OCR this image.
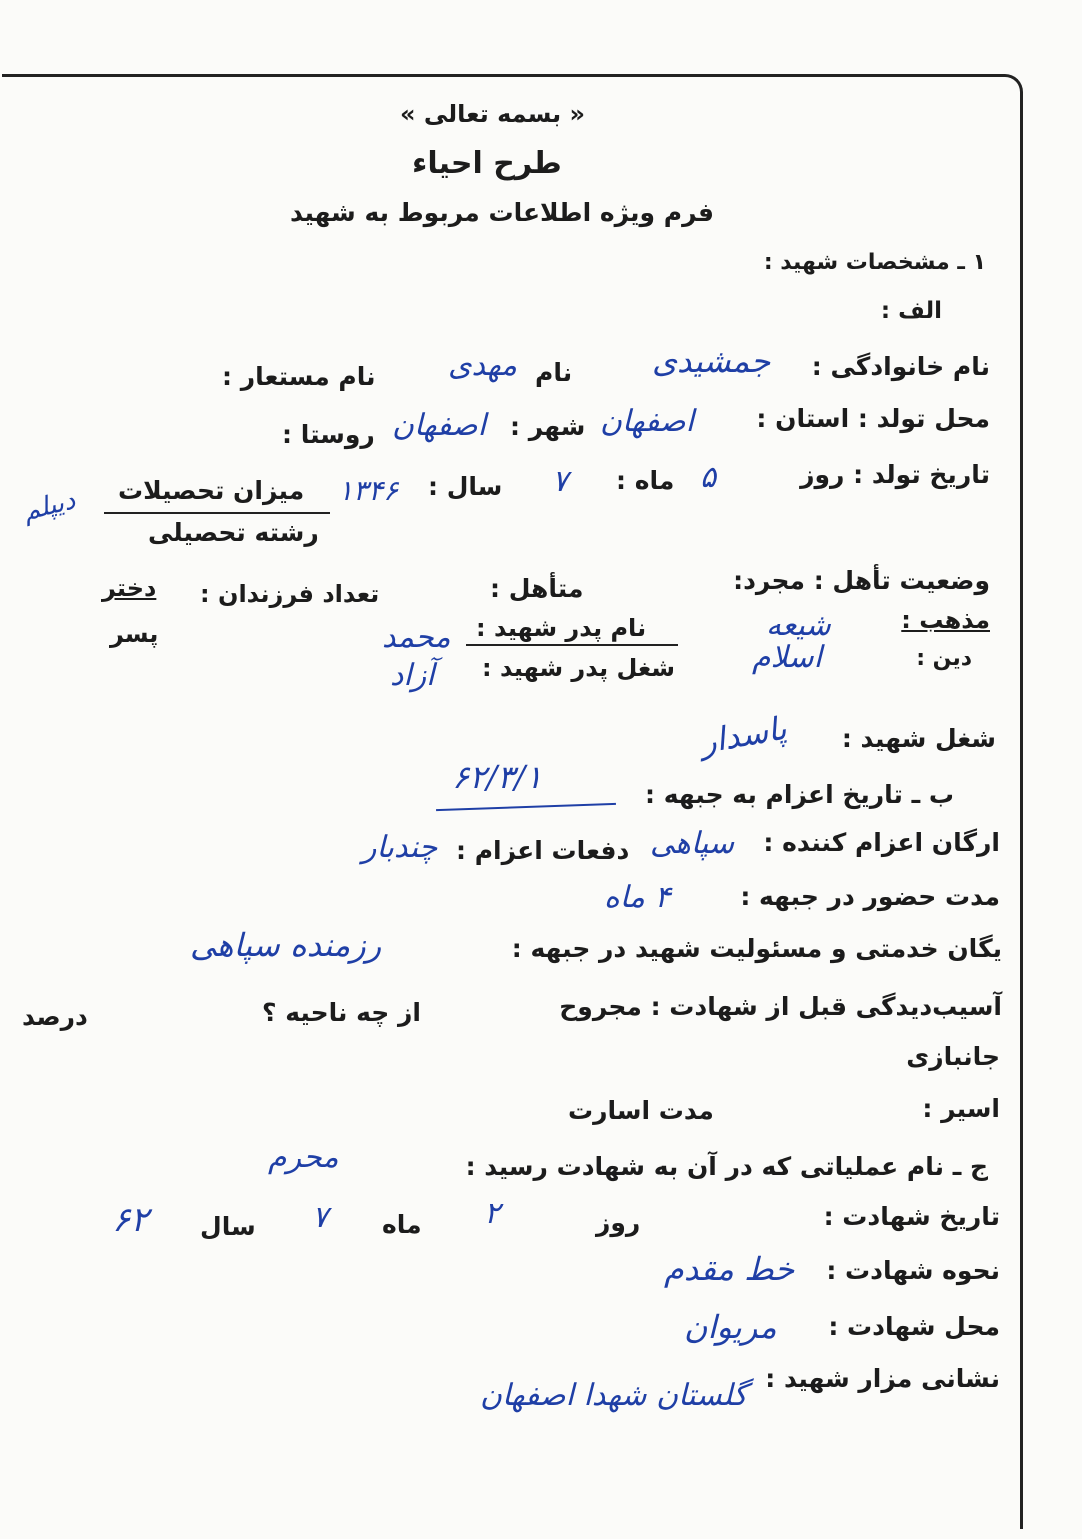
« بسمه تعالی »
طرح احیاء
فرم ویژه اطلاعات مربوط به شهید
۱ ـ مشخصات شهید :
الف :
نام خانوادگی :
جمشیدی
نام
مهدی
نام مستعار :
محل تولد : استان :
اصفهان
شهر :
اصفهان
روستا :
تاریخ تولد : روز
۵
ماه :
۷
سال :
۱۳۴۶
میزان تحصیلات
رشته تحصیلی
دیپلم
وضعیت تأهل : مجرد:
متأهل :
تعداد فرزندان :
دختر
پسر	مذهب :
شیعه
دین :
اسلام
نام پدر شهید :
محمد
شغل پدر شهید :
آزاد
شغل شهید :
پاسدار
ب ـ تاریخ اعزام به جبهه :
۶۲/۳/۱
ارگان اعزام کننده :
سپاهی
دفعات اعزام :
چندبار
مدت حضور در جبهه :
۴ ماه
یگان خدمتی و مسئولیت شهید در جبهه :
رزمنده سپاهی
آسیب‌دیدگی قبل از شهادت : مجروح
از چه ناحیه ؟
درصد
جانبازی
اسیر :
مدت اسارت
ج ـ نام عملیاتی که در آن به شهادت رسید :
محرم
تاریخ شهادت :
روز
۲
ماه
۷
سال
۶۲
نحوه شهادت :
خط مقدم
محل شهادت :
مریوان
نشانی مزار شهید :
گلستان شهدا اصفهان
